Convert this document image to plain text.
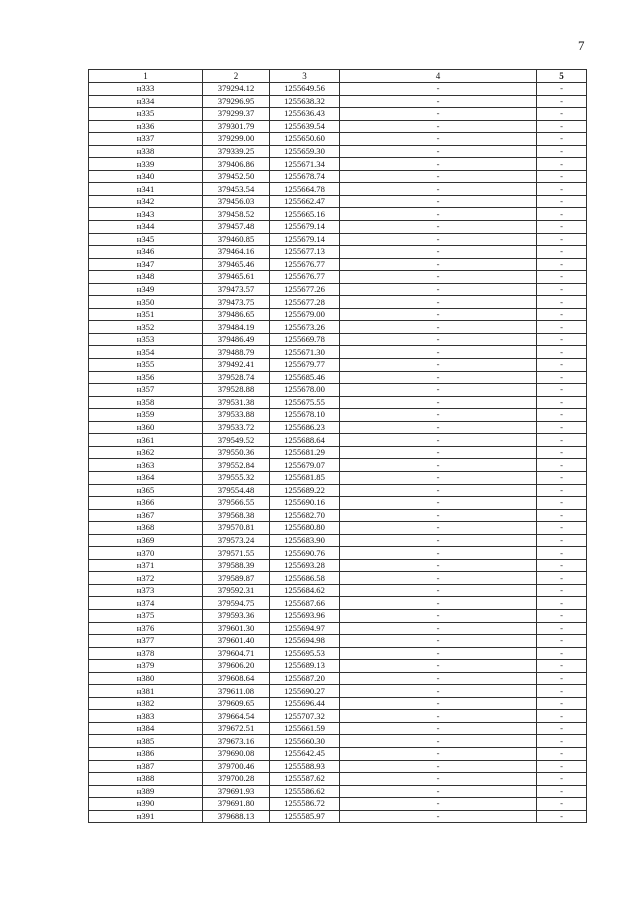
7
1	2	3	4	5
н333	379294.12	1255649.56	-	-
н334	379296.95	1255638.32	-	-
н335	379299.37	1255636.43	-	-
н336	379301.79	1255639.54	-	-
н337	379299.00	1255650.60	-	-
н338	379339.25	1255659.30	-	-
н339	379406.86	1255671.34	-	-
н340	379452.50	1255678.74	-	-
н341	379453.54	1255664.78	-	-
н342	379456.03	1255662.47	-	-
н343	379458.52	1255665.16	-	-
н344	379457.48	1255679.14	-	-
н345	379460.85	1255679.14	-	-
н346	379464.16	1255677.13	-	-
н347	379465.46	1255676.77	-	-
н348	379465.61	1255676.77	-	-
н349	379473.57	1255677.26	-	-
н350	379473.75	1255677.28	-	-
н351	379486.65	1255679.00	-	-
н352	379484.19	1255673.26	-	-
н353	379486.49	1255669.78	-	-
н354	379488.79	1255671.30	-	-
н355	379492.41	1255679.77	-	-
н356	379528.74	1255685.46	-	-
н357	379528.88	1255678.00	-	-
н358	379531.38	1255675.55	-	-
н359	379533.88	1255678.10	-	-
н360	379533.72	1255686.23	-	-
н361	379549.52	1255688.64	-	-
н362	379550.36	1255681.29	-	-
н363	379552.84	1255679.07	-	-
н364	379555.32	1255681.85	-	-
н365	379554.48	1255689.22	-	-
н366	379566.55	1255690.16	-	-
н367	379568.38	1255682.70	-	-
н368	379570.81	1255680.80	-	-
н369	379573.24	1255683.90	-	-
н370	379571.55	1255690.76	-	-
н371	379588.39	1255693.28	-	-
н372	379589.87	1255686.58	-	-
н373	379592.31	1255684.62	-	-
н374	379594.75	1255687.66	-	-
н375	379593.36	1255693.96	-	-
н376	379601.30	1255694.97	-	-
н377	379601.40	1255694.98	-	-
н378	379604.71	1255695.53	-	-
н379	379606.20	1255689.13	-	-
н380	379608.64	1255687.20	-	-
н381	379611.08	1255690.27	-	-
н382	379609.65	1255696.44	-	-
н383	379664.54	1255707.32	-	-
н384	379672.51	1255661.59	-	-
н385	379673.16	1255660.30	-	-
н386	379690.08	1255642.45	-	-
н387	379700.46	1255588.93	-	-
н388	379700.28	1255587.62	-	-
н389	379691.93	1255586.62	-	-
н390	379691.80	1255586.72	-	-
н391	379688.13	1255585.97	-	-
